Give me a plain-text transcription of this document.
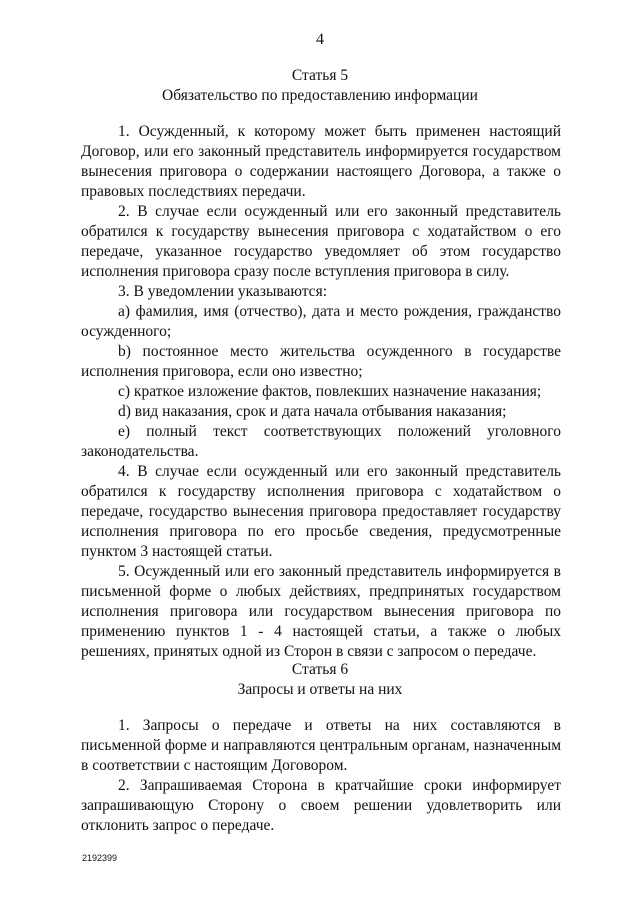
4
Статья 5
Обязательство по предоставлению информации

1. Осужденный, к которому может быть применен настоящий Договор, или его законный представитель информируется государством вынесения приговора о содержании настоящего Договора, а также о правовых последствиях передачи.

2. В случае если осужденный или его законный представитель обратился к государству вынесения приговора с ходатайством о его передаче, указанное государство уведомляет об этом государство исполнения приговора сразу после вступления приговора в силу.

3. В уведомлении указываются:

a) фамилия, имя (отчество), дата и место рождения, гражданство осужденного;

b) постоянное место жительства осужденного в государстве исполнения приговора, если оно известно;

c) краткое изложение фактов, повлекших назначение наказания;

d) вид наказания, срок и дата начала отбывания наказания;

e) полный текст соответствующих положений уголовного законодательства.

4. В случае если осужденный или его законный представитель обратился к государству исполнения приговора с ходатайством о передаче, государство вынесения приговора предоставляет государству исполнения приговора по его просьбе сведения, предусмотренные пунктом 3 настоящей статьи.

5. Осужденный или его законный представитель информируется в письменной форме о любых действиях, предпринятых государством исполнения приговора или государством вынесения приговора по применению пунктов 1 - 4 настоящей статьи, а также о любых решениях, принятых одной из Сторон в связи с запросом о передаче.

Статья 6
Запросы и ответы на них

1. Запросы о передаче и ответы на них составляются в письменной форме и направляются центральным органам, назначенным в соответствии с настоящим Договором.

2. Запрашиваемая Сторона в кратчайшие сроки информирует запрашивающую Сторону о своем решении удовлетворить или отклонить запрос о передаче.

2192399
